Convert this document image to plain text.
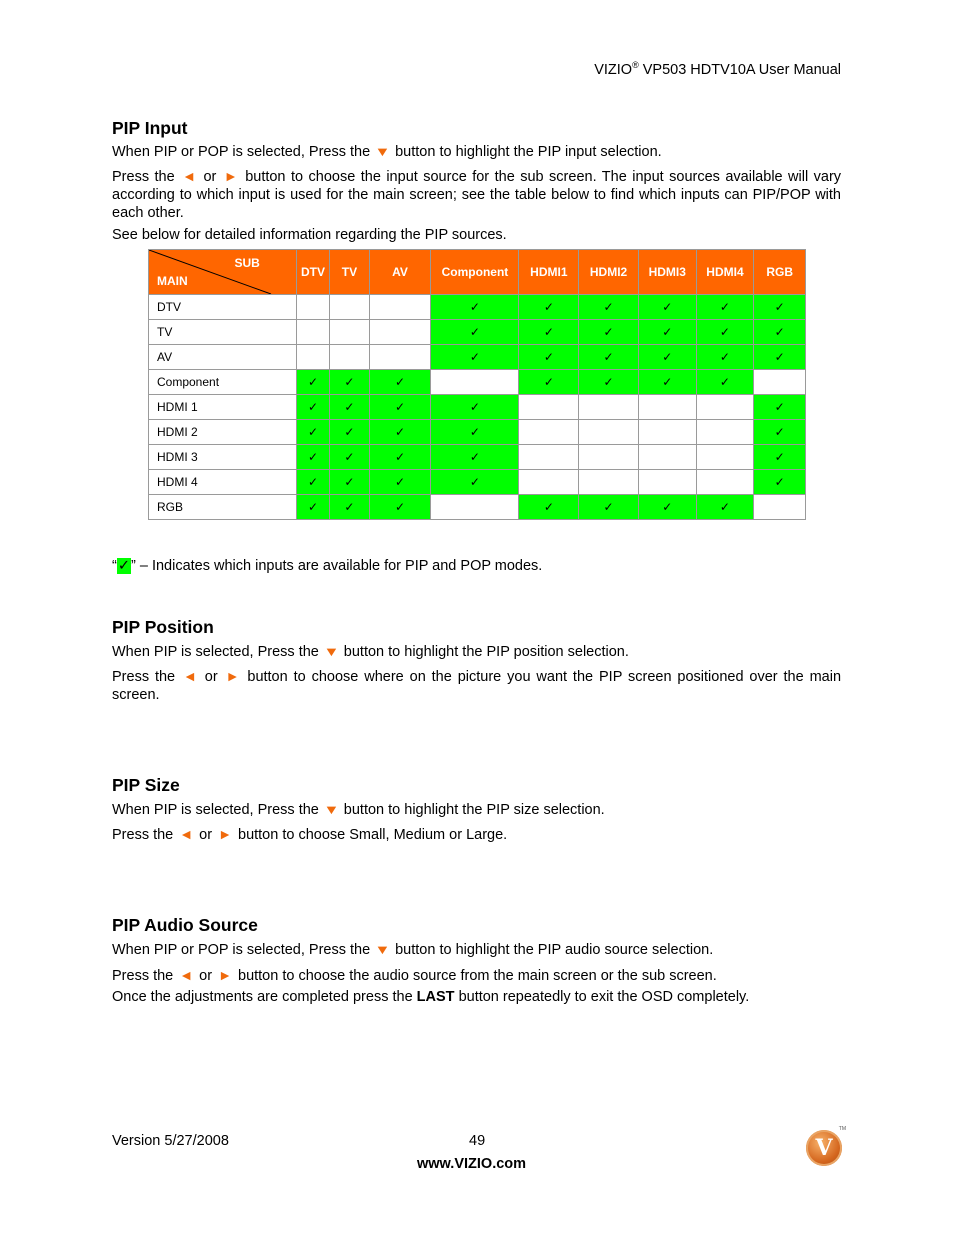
VIZIO® VP503 HDTV10A User Manual
PIP Input

When PIP or POP is selected, Press the ▼ button to highlight the PIP input selection.

Press the ◄ or ► button to choose the input source for the sub screen. The input sources available will vary according to which input is used for the main screen; see the table below to find which inputs can PIP/POP with each other.

See below for detailed information regarding the PIP sources.

SUB
MAIN	DTV	TV	AV	Component	HDMI1	HDMI2	HDMI3	HDMI4	RGB
DTV				✓	✓	✓	✓	✓	✓
TV				✓	✓	✓	✓	✓	✓
AV				✓	✓	✓	✓	✓	✓
Component	✓	✓	✓		✓	✓	✓	✓	
HDMI 1	✓	✓	✓	✓					✓
HDMI 2	✓	✓	✓	✓					✓
HDMI 3	✓	✓	✓	✓					✓
HDMI 4	✓	✓	✓	✓					✓
RGB	✓	✓	✓		✓	✓	✓	✓	
“✓” – Indicates which inputs are available for PIP and POP modes.
PIP Position

When PIP is selected, Press the ▼ button to highlight the PIP position selection.

Press the ◄ or ► button to choose where on the picture you want the PIP screen positioned over the main screen.

PIP Size

When PIP is selected, Press the ▼ button to highlight the PIP size selection.

Press the ◄ or ► button to choose Small, Medium or Large.

PIP Audio Source

When PIP or POP is selected, Press the ▼ button to highlight the PIP audio source selection.

Press the ◄ or ► button to choose the audio source from the main screen or the sub screen.

Once the adjustments are completed press the LAST button repeatedly to exit the OSD completely.

Version 5/27/2008	49
www.VIZIO.com
V
TM
